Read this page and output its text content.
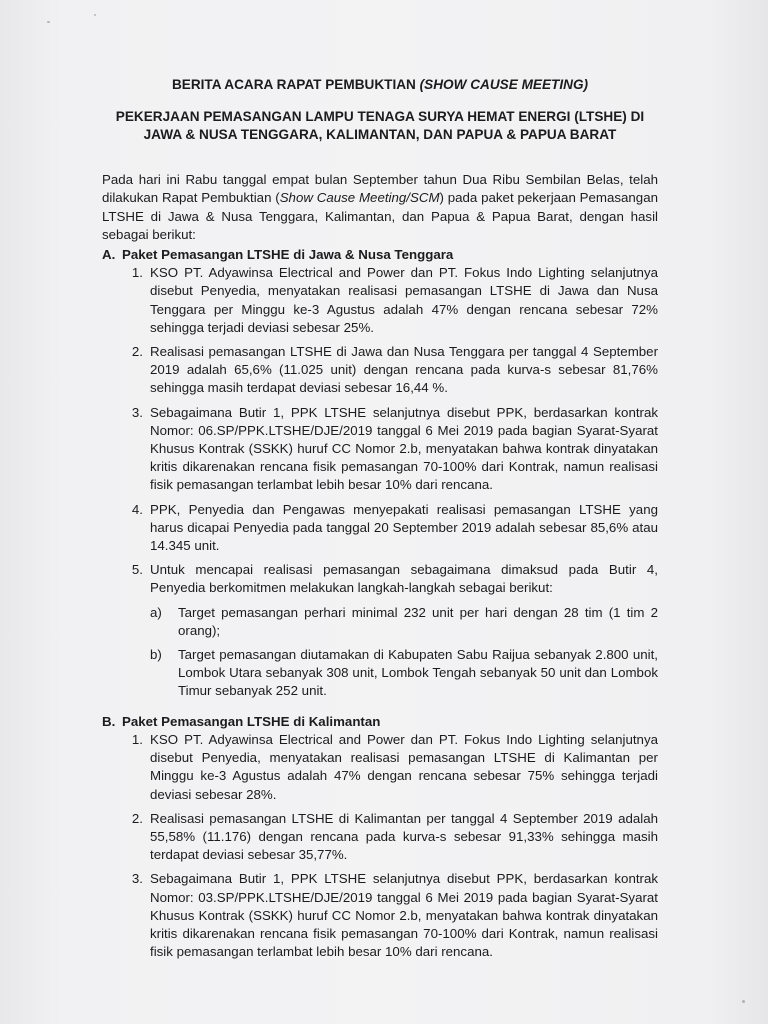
BERITA ACARA RAPAT PEMBUKTIAN (SHOW CAUSE MEETING)

PEKERJAAN PEMASANGAN LAMPU TENAGA SURYA HEMAT ENERGI (LTSHE) DI
JAWA & NUSA TENGGARA, KALIMANTAN, DAN PAPUA & PAPUA BARAT

Pada hari ini Rabu tanggal empat bulan September tahun Dua Ribu Sembilan Belas, telah dilakukan Rapat Pembuktian (Show Cause Meeting/SCM) pada paket pekerjaan Pemasangan LTSHE di Jawa & Nusa Tenggara, Kalimantan, dan Papua & Papua Barat, dengan hasil sebagai berikut:

A. Paket Pemasangan LTSHE di Jawa & Nusa Tenggara
1. KSO PT. Adyawinsa Electrical and Power dan PT. Fokus Indo Lighting selanjutnya disebut Penyedia, menyatakan realisasi pemasangan LTSHE di Jawa dan Nusa Tenggara per Minggu ke-3 Agustus adalah 47% dengan rencana sebesar 72% sehingga terjadi deviasi sebesar 25%.
2. Realisasi pemasangan LTSHE di Jawa dan Nusa Tenggara per tanggal 4 September 2019 adalah 65,6% (11.025 unit) dengan rencana pada kurva-s sebesar 81,76% sehingga masih terdapat deviasi sebesar 16,44 %.
3. Sebagaimana Butir 1, PPK LTSHE selanjutnya disebut PPK, berdasarkan kontrak Nomor: 06.SP/PPK.LTSHE/DJE/2019 tanggal 6 Mei 2019 pada bagian Syarat-Syarat Khusus Kontrak (SSKK) huruf CC Nomor 2.b, menyatakan bahwa kontrak dinyatakan kritis dikarenakan rencana fisik pemasangan 70-100% dari Kontrak, namun realisasi fisik pemasangan terlambat lebih besar 10% dari rencana.
4. PPK, Penyedia dan Pengawas menyepakati realisasi pemasangan LTSHE yang harus dicapai Penyedia pada tanggal 20 September 2019 adalah sebesar 85,6% atau 14.345 unit.
5. Untuk mencapai realisasi pemasangan sebagaimana dimaksud pada Butir 4, Penyedia berkomitmen melakukan langkah-langkah sebagai berikut:
a)	Target pemasangan perhari minimal 232 unit per hari dengan 28 tim (1 tim 2 orang);
b)	Target pemasangan diutamakan di Kabupaten Sabu Raijua sebanyak 2.800 unit, Lombok Utara sebanyak 308 unit, Lombok Tengah sebanyak 50 unit dan Lombok Timur sebanyak 252 unit.
B. Paket Pemasangan LTSHE di Kalimantan
1. KSO PT. Adyawinsa Electrical and Power dan PT. Fokus Indo Lighting selanjutnya disebut Penyedia, menyatakan realisasi pemasangan LTSHE di Kalimantan per Minggu ke-3 Agustus adalah 47% dengan rencana sebesar 75% sehingga terjadi deviasi sebesar 28%.
2. Realisasi pemasangan LTSHE di Kalimantan per tanggal 4 September 2019 adalah 55,58% (11.176) dengan rencana pada kurva-s sebesar 91,33% sehingga masih terdapat deviasi sebesar 35,77%.
3. Sebagaimana Butir 1, PPK LTSHE selanjutnya disebut PPK, berdasarkan kontrak Nomor: 03.SP/PPK.LTSHE/DJE/2019 tanggal 6 Mei 2019 pada bagian Syarat-Syarat Khusus Kontrak (SSKK) huruf CC Nomor 2.b, menyatakan bahwa kontrak dinyatakan kritis dikarenakan rencana fisik pemasangan 70-100% dari Kontrak, namun realisasi fisik pemasangan terlambat lebih besar 10% dari rencana.
